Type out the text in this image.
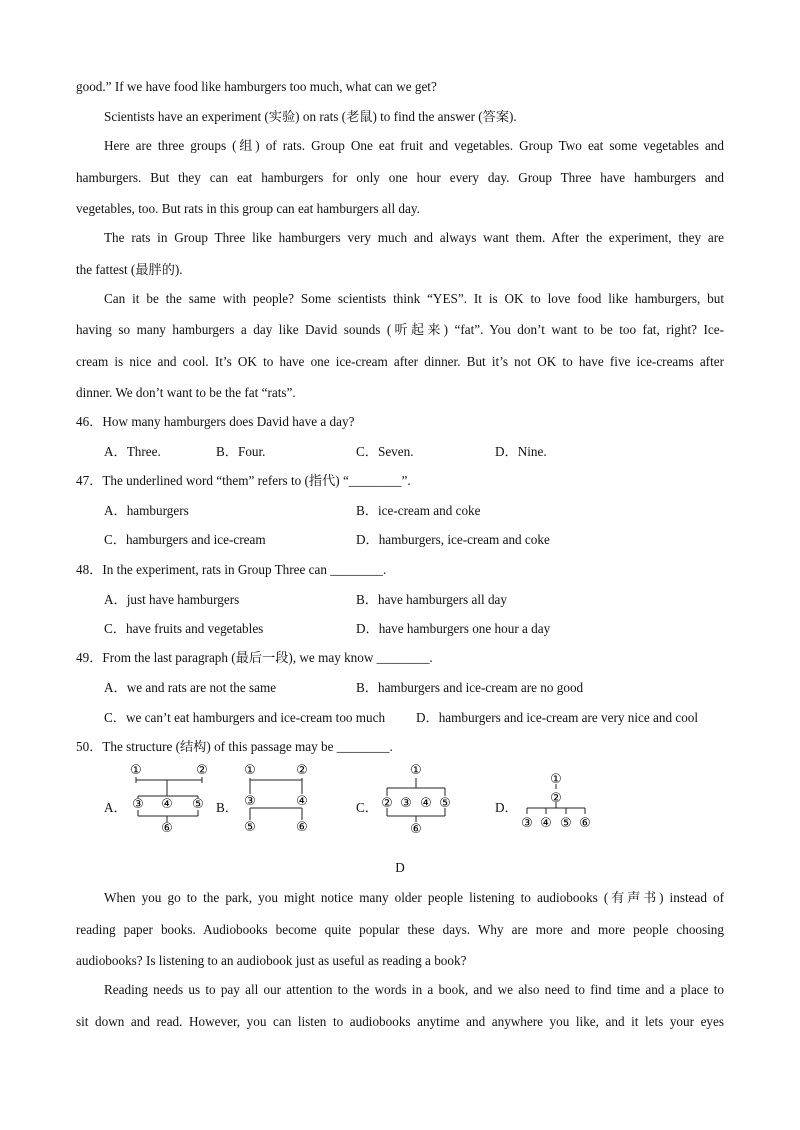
good.” If we have food like hamburgers too much, what can we get?
Scientists have an experiment (实验) on rats (老鼠) to find the answer (答案).
Here are three groups (组) of rats. Group One eat fruit and vegetables. Group Two eat some vegetables and
hamburgers. But they can eat hamburgers for only one hour every day. Group Three have hamburgers and
vegetables, too. But rats in this group can eat hamburgers all day.
The rats in Group Three like hamburgers very much and always want them. After the experiment, they are
the fattest (最胖的).
Can it be the same with people? Some scientists think “YES”. It is OK to love food like hamburgers, but
having so many hamburgers a day like David sounds (听起来) “fat”. You don’t want to be too fat, right? Ice-
cream is nice and cool. It’s OK to have one ice-cream after dinner. But it’s not OK to have five ice-creams after
dinner. We don’t want to be the fat “rats”.
46．How many hamburgers does David have a day?
A．Three.	B．Four.	C．Seven.	D．Nine.
47．The underlined word “them” refers to (指代) “________”.
A．hamburgers	B．ice-cream and coke
C．hamburgers and ice-cream	D．hamburgers, ice-cream and coke
48．In the experiment, rats in Group Three can ________.
A．just have hamburgers	B．have hamburgers all day
C．have fruits and vegetables	D．have hamburgers one hour a day
49．From the last paragraph (最后一段), we may know ________.
A．we and rats are not the same	B．hamburgers and ice-cream are no good
C．we can’t eat hamburgers and ice-cream too much D．hamburgers and ice-cream are very nice and cool
50．The structure (结构) of this passage may be ________.
A．	B．	C．	D．
①	②
③ ④ ⑤
⑥
①	②
③	④
⑤	⑥
①
② ③ ④ ⑤
⑥
①
②
③ ④ ⑤ ⑥
D
When you go to the park, you might notice many older people listening to audiobooks (有声书) instead of
reading paper books. Audiobooks become quite popular these days. Why are more and more people choosing
audiobooks? Is listening to an audiobook just as useful as reading a book?
Reading needs us to pay all our attention to the words in a book, and we also need to find time and a place to
sit down and read. However, you can listen to audiobooks anytime and anywhere you like, and it lets your eyes
